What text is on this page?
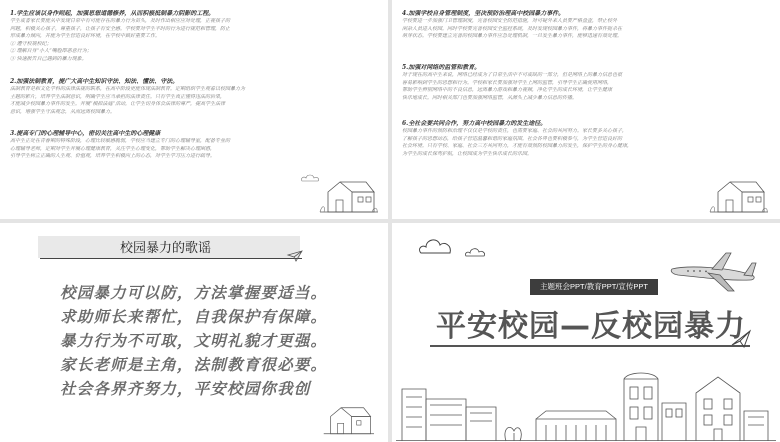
1.学生应该以身作则起，加强思想道德修养，从而积极抵制暴力阴影的工程。
学生或者家长要能从中发现日常中有可能存在的暴力行为苗头，及时作出相应应对处理，正视孩子的
问题，积极关心孩子，尊重孩子，让孩子有安全感。学校要对学生平时的行为进行规范和管理，防止
形成暴力倾向，并能为学生营造良好环境，在学校中做好重要工作。
① 遵守校规校纪；
② 理解自身“小人”嘴脸即恶意行为；
③ 快速报告自己遇到的暴力现象。
2.加强法制教育，提广大高中生知识守法、知法、懂法、守法。
法制教育是和文化学科的法律法规的联系，在高中阶段更能体现法制教育。定期组织学生观看以校园暴力为
主题的影片，培养学生法制意识，明确学生应当承担的法律责任。只有学生真正懂得违法的后果，
才能减少校园暴力事件的发生。开展“模拟法庭”活动，让学生切身体会法律的尊严，提高学生法律
意识，增强学生守法观念，从而远离校园暴力。
3.提高专门的心理辅导中心，密切关注高中生的心理健康
高中生正处在青春期的特殊阶段，心理比较敏感脆弱，学校应当建立专门的心理辅导室，配备专业的
心理辅导老师，定期对学生开展心理健康教育，关注学生心理变化，帮助学生解决心理困惑，
引导学生树立正确的人生观、价值观，培养学生积极向上的心态，对学生学习压力进行疏导。
4.加强学校自身管理制度，坚决预防治理高中校园暴力事件。
学校要进一步加强门卫管理制度，完善校园安全防范措施，对可疑外来人员要严格盘查，禁止校外
闲杂人员进入校园。同时学校要完善校园安全监控系统，及时发现校园暴力事件，将暴力事件扼杀在
萌芽状态。学校要建立完善的校园暴力事件应急处理机制，一旦发生暴力事件，能够迅速有效处理。
5.加强对网络的监管和教育。
对于现在的高中生来说，网络已经成为了日常生活中不可或缺的一部分，但是网络上的暴力信息也很
容易影响到学生的思想和行为。学校和家长要加强对学生上网的监管，引导学生正确使用网络，
帮助学生辨别网络中的不良信息，远离暴力游戏和暴力视频，净化学生的成长环境，让学生健康
快乐地成长。同时相关部门也要加强网络监管，从源头上减少暴力信息的传播。
6.全社会要共同合作，努力高中校园暴力的发生途径。
校园暴力事件的预防和治理不仅仅是学校的责任，也需要家庭、社会的共同努力。家长要多关心孩子，
了解孩子的思想动态，给孩子营造温馨和谐的家庭氛围。社会各界也要积极参与，为学生营造良好的
社会环境。只有学校、家庭、社会三方共同努力，才能有效预防校园暴力的发生，保护学生的身心健康，
为学生的成长保驾护航，让校园成为学生快乐成长的乐园。
校园暴力的歌谣
校园暴力可以防，方法掌握要适当。
求助师长来帮忙，自我保护有保障。
暴力行为不可取，文明礼貌才更强。
家长老师是主角，法制教育很必要。
社会各界齐努力，平安校园你我创
主题班会PPT/教育PPT/宣传PPT
平安校园—反校园暴力
